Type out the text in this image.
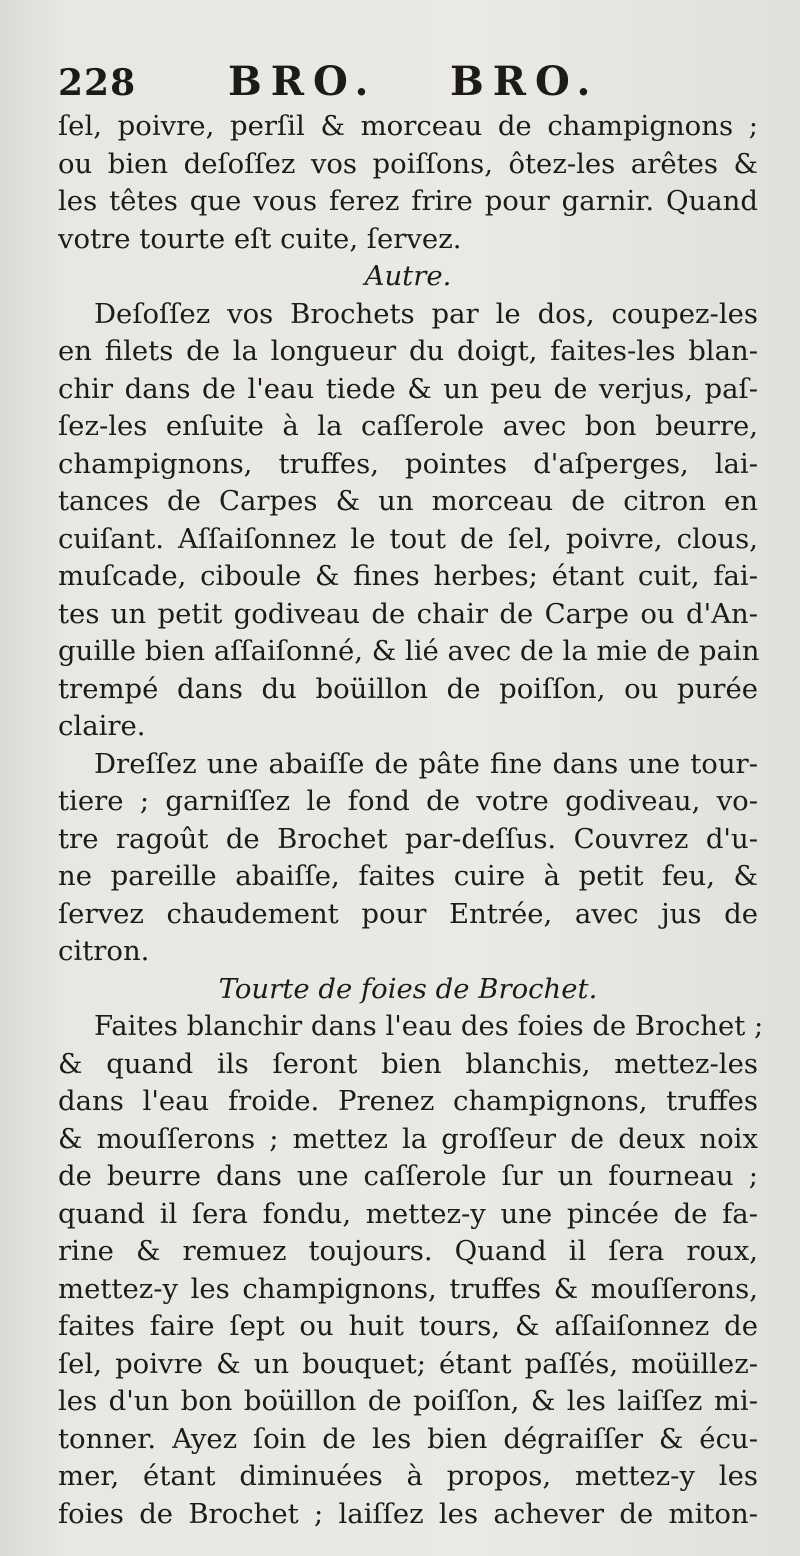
228 BRO. BRO.
ſel, poivre, perſil & morceau de champignons ;
ou bien deſoſſez vos poiſſons, ôtez-les arêtes &
les têtes que vous ferez frire pour garnir. Quand
votre tourte eſt cuite, ſervez.
Autre.
Deſoſſez vos Brochets par le dos, coupez-les
en filets de la longueur du doigt, faites-les blan-
chir dans de l'eau tiede & un peu de verjus, paſ-
ſez-les enſuite à la caſſerole avec bon beurre,
champignons, truffes, pointes d'aſperges, lai-
tances de Carpes & un morceau de citron en
cuiſant. Aſſaiſonnez le tout de ſel, poivre, clous,
muſcade, ciboule & fines herbes; étant cuit, fai-
tes un petit godiveau de chair de Carpe ou d'An-
guille bien aſſaiſonné, & lié avec de la mie de pain
trempé dans du boüillon de poiſſon, ou purée
claire.
Dreſſez une abaiſſe de pâte fine dans une tour-
tiere ; garniſſez le fond de votre godiveau, vo-
tre ragoût de Brochet par-deſſus. Couvrez d'u-
ne pareille abaiſſe, faites cuire à petit feu, &
ſervez chaudement pour Entrée, avec jus de
citron.
Tourte de foies de Brochet.
Faites blanchir dans l'eau des foies de Brochet ;
& quand ils ſeront bien blanchis, mettez-les
dans l'eau froide. Prenez champignons, truffes
& mouſſerons ; mettez la groſſeur de deux noix
de beurre dans une caſſerole ſur un fourneau ;
quand il ſera fondu, mettez-y une pincée de fa-
rine & remuez toujours. Quand il ſera roux,
mettez-y les champignons, truffes & mouſſerons,
faites faire ſept ou huit tours, & aſſaiſonnez de
ſel, poivre & un bouquet; étant paſſés, moüillez-
les d'un bon boüillon de poiſſon, & les laiſſez mi-
tonner. Ayez ſoin de les bien dégraiſſer & écu-
mer, étant diminuées à propos, mettez-y les
foies de Brochet ; laiſſez les achever de miton-
